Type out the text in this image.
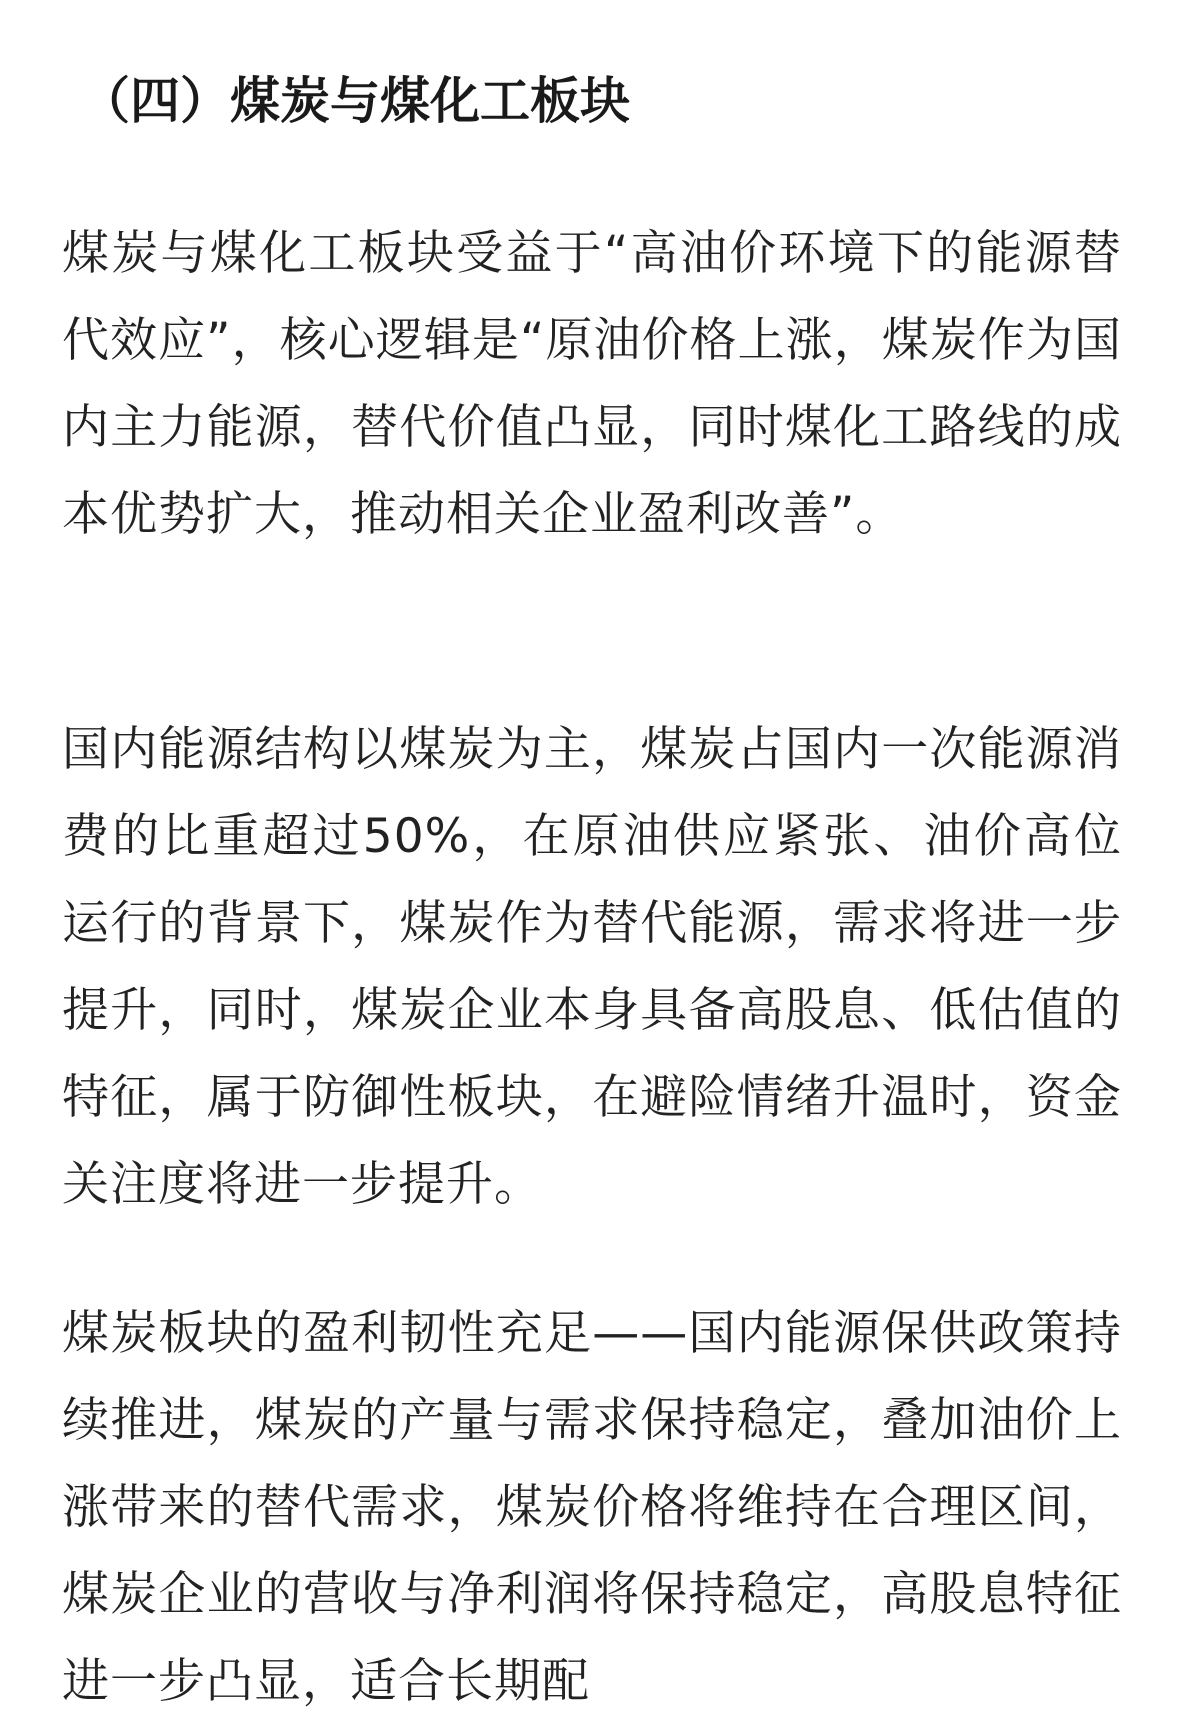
（四）煤炭与煤化工板块

煤炭与煤化工板块受益于“高油价环境下的能源替代效应”，核心逻辑是“原油价格上涨，煤炭作为国内主力能源，替代价值凸显，同时煤化工路线的成本优势扩大，推动相关企业盈利改善”。

国内能源结构以煤炭为主，煤炭占国内一次能源消费的比重超过50%，在原油供应紧张、油价高位运行的背景下，煤炭作为替代能源，需求将进一步提升，同时，煤炭企业本身具备高股息、低估值的特征，属于防御性板块，在避险情绪升温时，资金关注度将进一步提升。

煤炭板块的盈利韧性充足——国内能源保供政策持续推进，煤炭的产量与需求保持稳定，叠加油价上涨带来的替代需求，煤炭价格将维持在合理区间，煤炭企业的营收与净利润将保持稳定，高股息特征进一步凸显，适合长期配
